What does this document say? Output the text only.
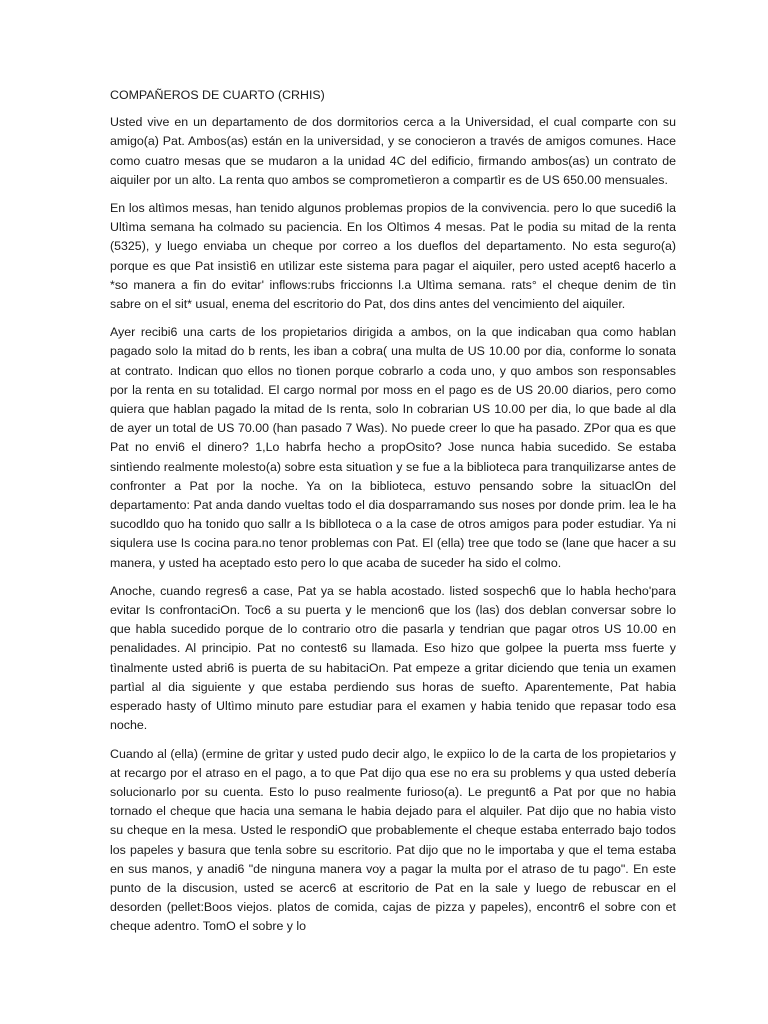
COMPAÑEROS DE CUARTO (CRHIS)

Usted vive en un departamento de dos dormitorios cerca a la Universidad, el cual comparte con su amigo(a) Pat. Ambos(as) están en la universidad, y se conocieron a través de amigos comunes. Hace como cuatro mesas que se mudaron a la unidad 4C del edificio, firmando ambos(as) un contrato de aiquiler por un alto. La renta quo ambos se comprometìeron a compartìr es de US 650.00 mensuales.

En los altìmos mesas, han tenido algunos problemas propios de la convivencia. pero lo que sucedi6 la Ultìma semana ha colmado su paciencia. En los Oltìmos 4 mesas. Pat le podia su mitad de la renta (5325), y luego enviaba un cheque por correo a los dueflos del departamento. No esta seguro(a) porque es que Pat insistì6 en utìlizar este sistema para pagar el aiquiler, pero usted acept6 hacerlo a *so manera a fin do evitar' inflows:rubs friccionns l.a Ultìma semana. rats° el cheque denim de tìn sabre on el sit* usual, enema del escritorio do Pat, dos dins antes del vencimiento del aiquiler.

Ayer recibi6 una carts de los propietarios dirigida a ambos, on la que indicaban qua como hablan pagado solo Ia mitad do b rents, les iban a cobra( una multa de US 10.00 por dia, conforme lo sonata at contrato. Indican quo ellos no tìonen porque cobrarlo a coda uno, y quo ambos son responsables por la renta en su totalidad. El cargo normal por moss en el pago es de US 20.00 diarios, pero como quiera que hablan pagado la mitad de Is renta, solo In cobrarian US 10.00 per dia, lo que bade al dla de ayer un total de US 70.00 (han pasado 7 Was). No puede creer lo que ha pasado. ZPor qua es que Pat no envi6 el dinero? 1,Lo habrfa hecho a propOsito? Jose nunca habia sucedido. Se estaba sintìendo realmente molesto(a) sobre esta situatìon y se fue a la biblioteca para tranquilizarse antes de confronter a Pat por la noche. Ya on Ia biblioteca, estuvo pensando sobre la situaclOn del departamento: Pat anda dando vueltas todo el dia dosparramando sus noses por donde prim. lea le ha sucodldo quo ha tonido quo sallr a Is biblloteca o a la case de otros amigos para poder estudiar. Ya ni siqulera use Is cocina para.no tenor problemas con Pat. El (ella) tree que todo se (lane que hacer a su manera, y usted ha aceptado esto pero lo que acaba de suceder ha sido el colmo.

Anoche, cuando regres6 a case, Pat ya se habla acostado. listed sospech6 que lo habla hecho'para evitar Is confrontaciOn. Toc6 a su puerta y le mencion6 que los (las) dos deblan conversar sobre lo que habla sucedido porque de lo contrario otro die pasarla y tendrian que pagar otros US 10.00 en penalidades. Al principio. Pat no contest6 su llamada. Eso hizo que golpee la puerta mss fuerte y tìnalmente usted abri6 is puerta de su habitaciOn. Pat empeze a gritar diciendo que tenia un examen partìal al dia siguiente y que estaba perdiendo sus horas de suefto. Aparentemente, Pat habia esperado hasty of Ultìmo minuto pare estudiar para el examen y habia tenido que repasar todo esa noche.

Cuando al (ella) (ermine de grìtar y usted pudo decir algo, le expiico lo de la carta de los propietarios y at recargo por el atraso en el pago, a to que Pat dijo qua ese no era su problems y qua usted debería solucionarlo por su cuenta. Esto lo puso realmente furioso(a). Le pregunt6 a Pat por que no habia tornado el cheque que hacia una semana le habia dejado para el alquiler. Pat dijo que no habia visto su cheque en la mesa. Usted le respondiO que probablemente el cheque estaba enterrado bajo todos los papeles y basura que tenla sobre su escritorio. Pat dijo que no le importaba y que el tema estaba en sus manos, y anadi6 "de ninguna manera voy a pagar la multa por el atraso de tu pago". En este punto de la discusion, usted se acerc6 at escritorio de Pat en la sale y luego de rebuscar en el desorden (pellet:Boos viejos. platos de comida, cajas de pizza y papeles), encontr6 el sobre con et cheque adentro. TomO el sobre y lo
